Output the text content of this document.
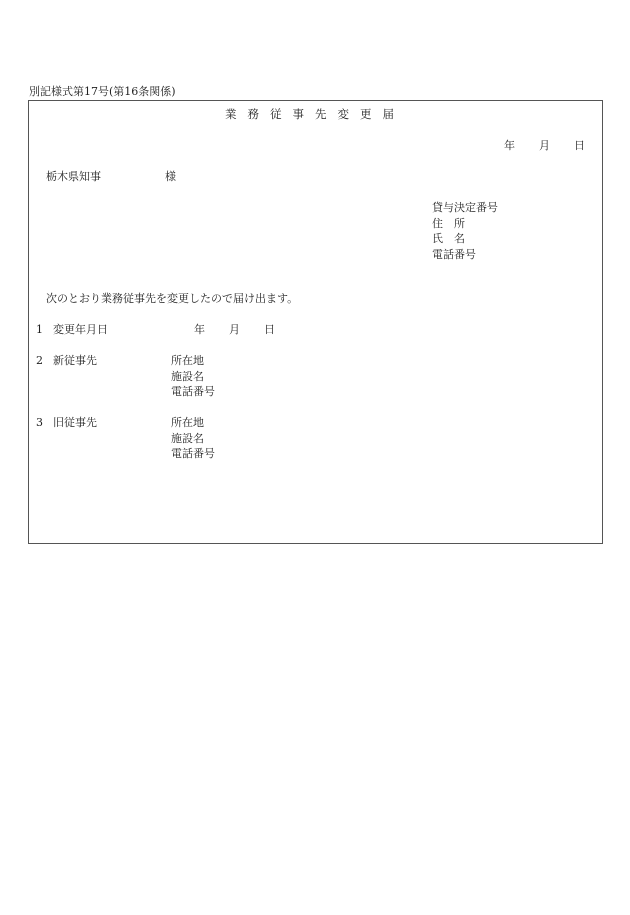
別記様式第17号(第16条関係)
業務従事先変更届
年 月 日
栃木県知事	様
貸与決定番号
住　所
氏　名
電話番号
次のとおり業務従事先を変更したので届け出ます。
1 変更年月日	年 月 日
2 新従事先	所在地
施設名
電話番号
3 旧従事先	所在地
施設名
電話番号
